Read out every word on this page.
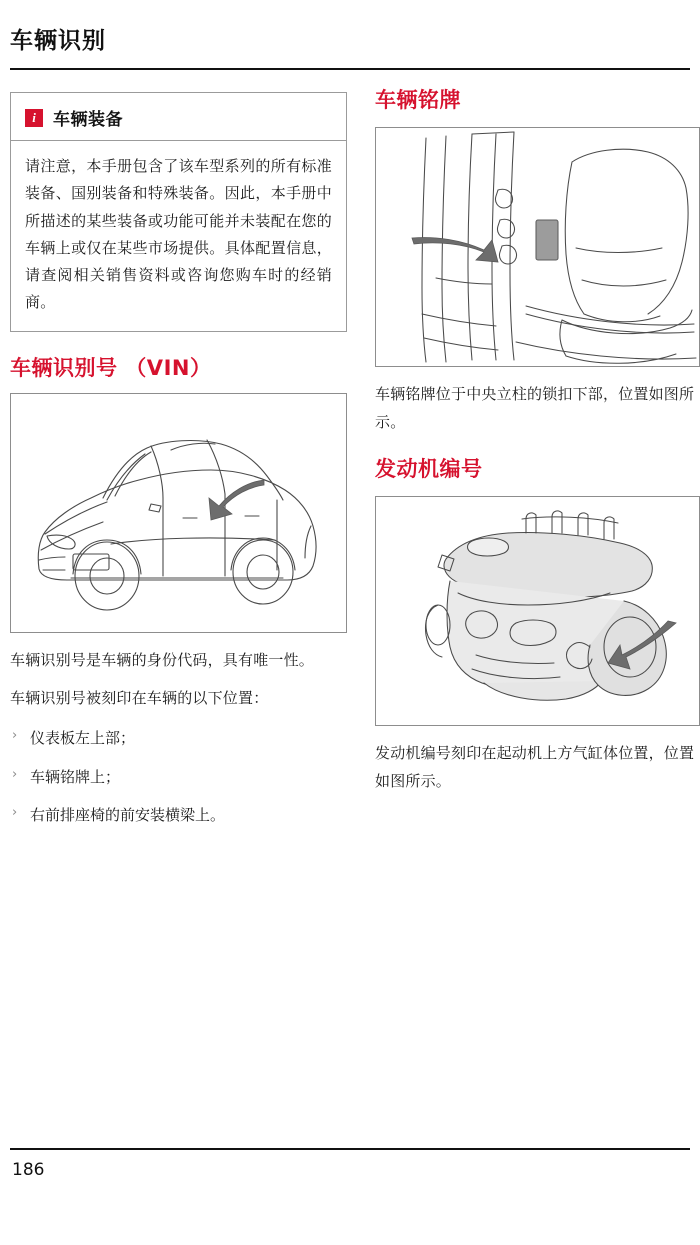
车辆识别
i	车辆装备
请注意，本手册包含了该车型系列的所有标准装备、国别装备和特殊装备。因此，本手册中所描述的某些装备或功能可能并未装配在您的车辆上或仅在某些市场提供。具体配置信息，请查阅相关销售资料或咨询您购车时的经销商。
车辆识别号 （VIN）
车辆识别号是车辆的身份代码，具有唯一性。
车辆识别号被刻印在车辆的以下位置：
› 仪表板左上部；
› 车辆铭牌上；
› 右前排座椅的前安装横梁上。
车辆铭牌
车辆铭牌位于中央立柱的锁扣下部，位置如图所示。
发动机编号
发动机编号刻印在起动机上方气缸体位置，位置如图所示。
186
